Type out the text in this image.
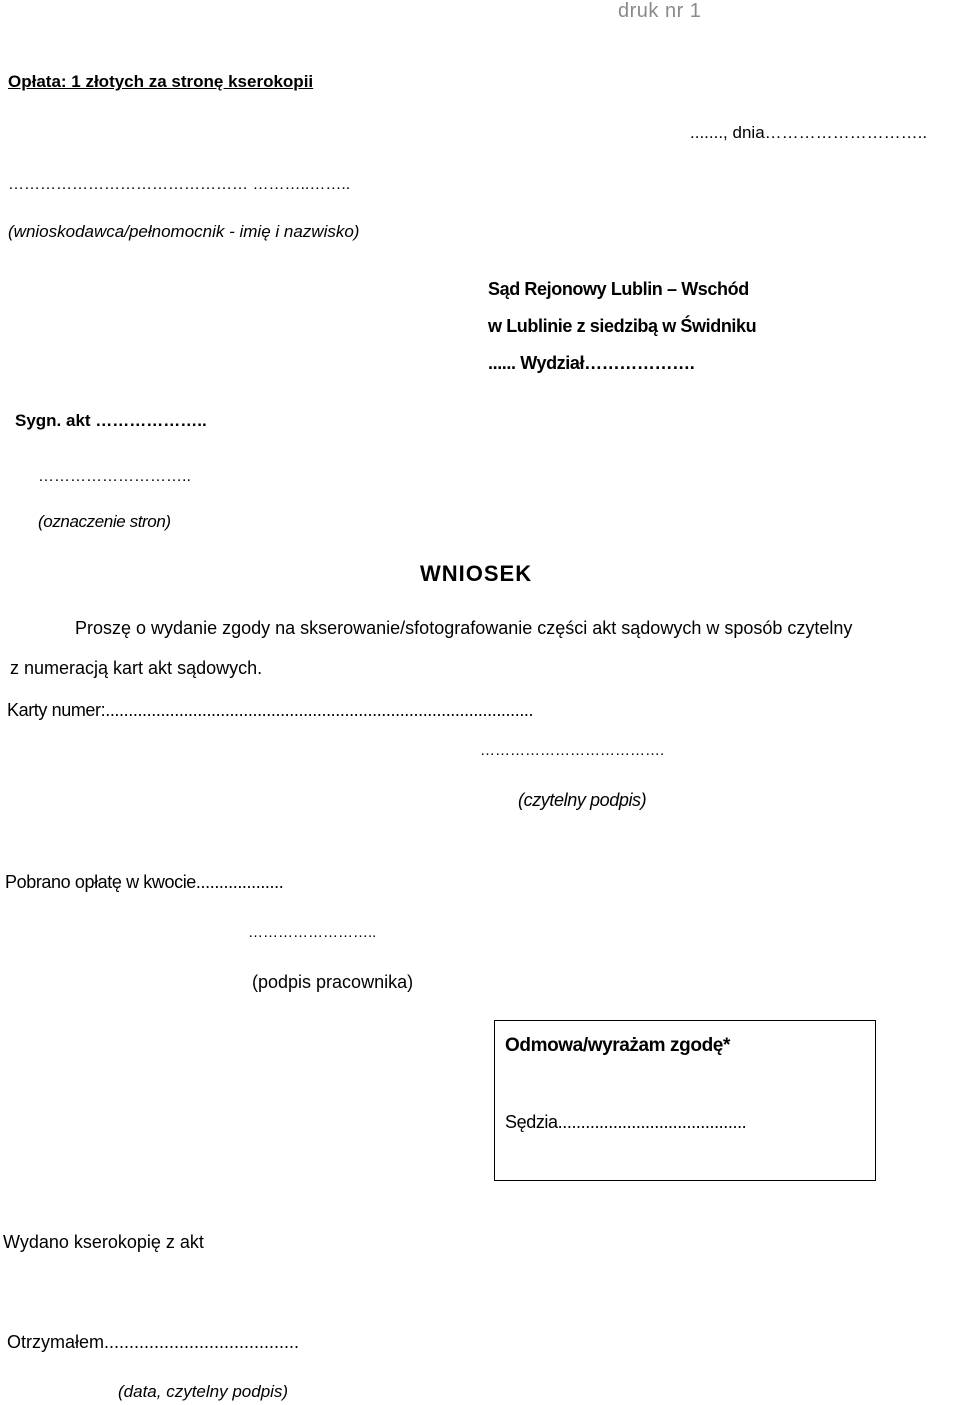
druk nr 1
Opłata: 1 złotych za stronę kserokopii
......., dnia………………………..
……………………………………… ………..……..
(wnioskodawca/pełnomocnik - imię i nazwisko)
Sąd Rejonowy Lublin – Wschód
w Lublinie z siedzibą w Świdniku
...... Wydział……………….
Sygn. akt ………………..
………………………..
(oznaczenie stron)
WNIOSEK
Proszę o wydanie zgody na skserowanie/sfotografowanie części akt sądowych w sposób czytelny
z numeracją kart akt sądowych.
Karty numer:.............................................................................................
……………………………….
(czytelny podpis)
Pobrano opłatę w kwocie...................
……………………..
(podpis pracownika)
Odmowa/wyrażam zgodę*
Sędzia.........................................
Wydano kserokopię z akt
Otrzymałem.......................................
(data, czytelny podpis)
